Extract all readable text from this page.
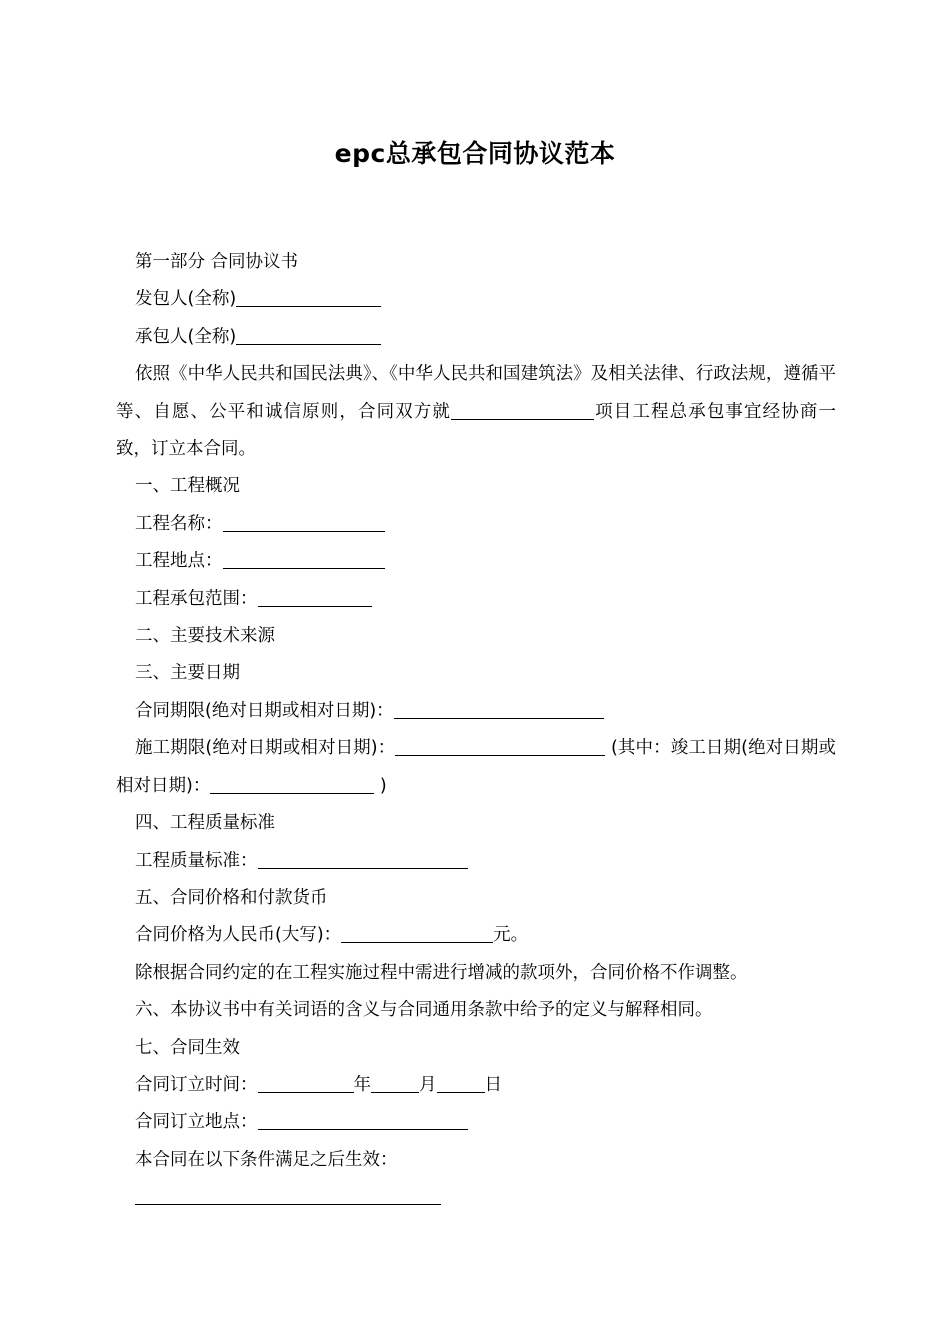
epc总承包合同协议范本

第一部分 合同协议书

发包人(全称)

承包人(全称)

依照《中华人民共和国民法典》、《中华人民共和国建筑法》及相关法律、行政法规，遵循平等、自愿、公平和诚信原则，合同双方就	项目工程总承包事宜经协商一致，订立本合同。

一、工程概况

工程名称：

工程地点：

工程承包范围：

二、主要技术来源

三、主要日期

合同期限(绝对日期或相对日期)：

施工期限(绝对日期或相对日期)：	(其中：竣工日期(绝对日期或相对日期)：	)

四、工程质量标准

工程质量标准：

五、合同价格和付款货币

合同价格为人民币(大写)：	元。

除根据合同约定的在工程实施过程中需进行增减的款项外，合同价格不作调整。

六、本协议书中有关词语的含义与合同通用条款中给予的定义与解释相同。

七、合同生效

合同订立时间：	年	月	日

合同订立地点：

本合同在以下条件满足之后生效：
